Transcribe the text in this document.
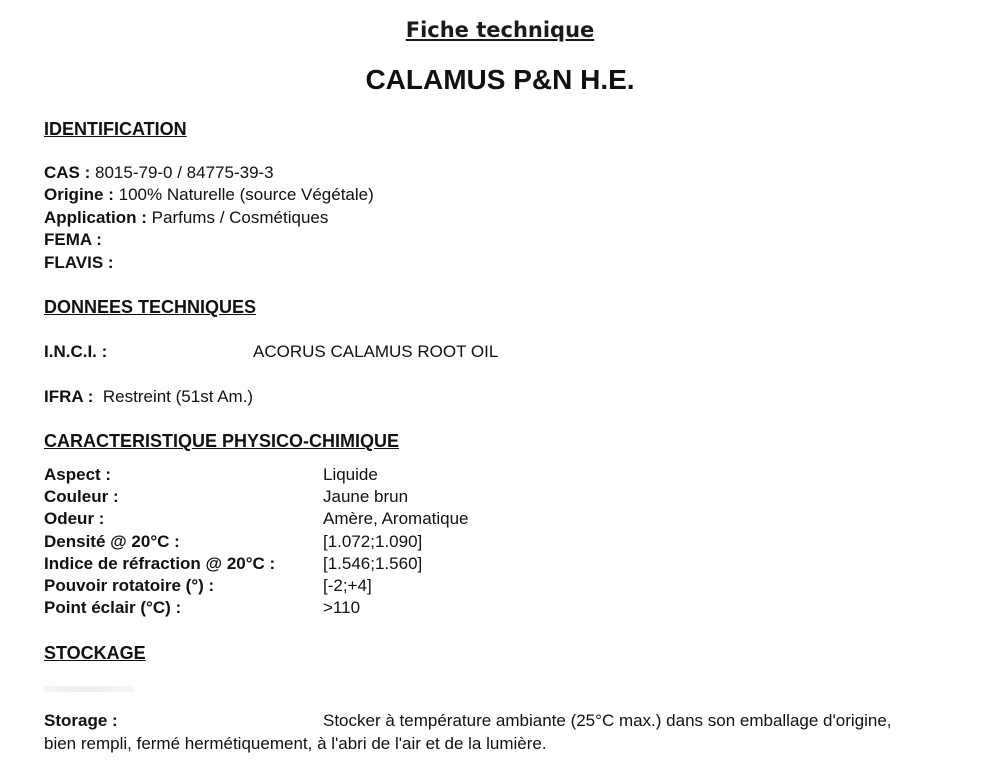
Fiche technique
CALAMUS P&N H.E.
IDENTIFICATION
CAS : 8015-79-0 / 84775-39-3
Origine : 100% Naturelle (source Végétale)
Application : Parfums / Cosmétiques
FEMA :
FLAVIS :
DONNEES TECHNIQUES
I.N.C.I. :	ACORUS CALAMUS ROOT OIL
IFRA : Restreint (51st Am.)
CARACTERISTIQUE PHYSICO-CHIMIQUE
Aspect :	Liquide
Couleur :	Jaune brun
Odeur :	Amère, Aromatique
Densité @ 20°C :	[1.072;1.090]
Indice de réfraction @ 20°C :	[1.546;1.560]
Pouvoir rotatoire (°) :	[-2;+4]
Point éclair (°C) :	>110
STOCKAGE
Storage :	Stocker à température ambiante (25°C max.) dans son emballage d'origine,
bien rempli, fermé hermétiquement, à l'abri de l'air et de la lumière.
